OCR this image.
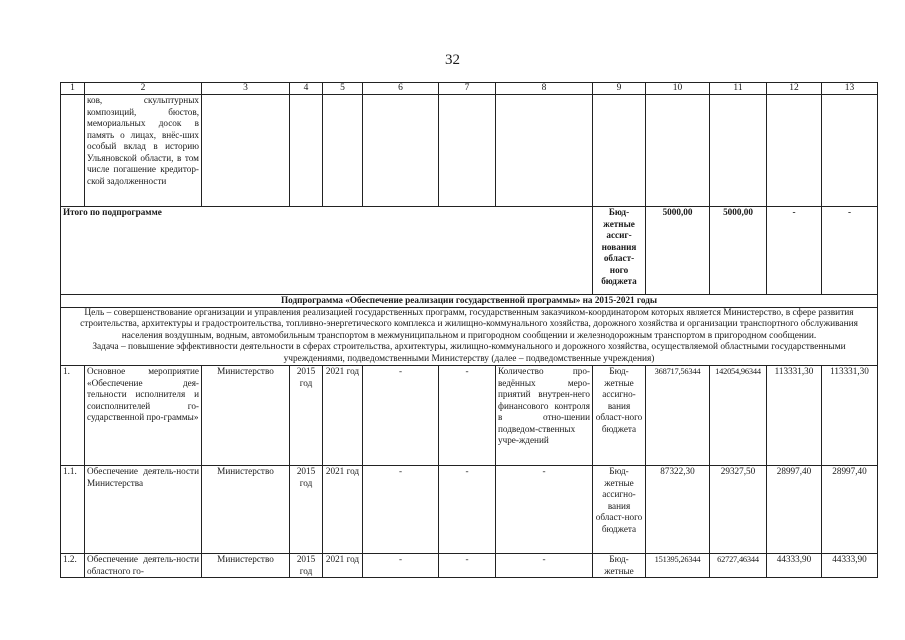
32
1	2	3	4	5	6	7	8	9	10	11	12	13
	ков, скульптурных композиций, бюстов, мемориальных досок в память о лицах, внёс-ших особый вклад в историю Ульяновской области, в том числе погашение кредитор-ской задолженности											
Итого по подпрограмме								Бюд-жетные ассиг-нования област-ного бюджета	5000,00	5000,00	-	-
Подпрограмма «Обеспечение реализации государственной программы» на 2015-2021 годы												

Цель – совершенствование организации и управления реализацией государственных программ, государственным заказчиком-координатором которых является Министерство, в сфере развития строительства, архитектуры и градостроительства, топливно-энергетического комплекса и жилищно-коммунального хозяйства, дорожного хозяйства и организации транспортного обслуживания населения воздушным, водным, автомобильным транспортом в межмуниципальном и пригородном сообщении и железнодорожным транспортом в пригородном сообщении.
Задача – повышение эффективности деятельности в сферах строительства, архитектуры, жилищно-коммунального и дорожного хозяйства, осуществляемой областными государственными учреждениями, подведомственными Министерству (далее – подведомственные учреждения)												

1.	Основное мероприятие «Обеспечение дея-тельности исполнителя и соисполнителей го-сударственной про-граммы»	Министерство	2015 год	2021 год	-	-	Количество про-ведённых меро-приятий внутрен-него финансового контроля в отно-шении подведом-ственных учре-ждений	Бюд-жетные ассигно-вания област-ного бюджета	368717,56344	142054,96344	113331,30	113331,30
1.1.	Обеспечение деятель-ности Министерства	Министерство	2015 год	2021 год	-	-	-	Бюд-жетные ассигно-вания област-ного бюджета	87322,30	29327,50	28997,40	28997,40
1.2.	Обеспечение деятель-ности областного го-	Министерство	2015 год	2021 год	-	-	-	Бюд-жетные	151395,26344	62727,46344	44333,90	44333,90
